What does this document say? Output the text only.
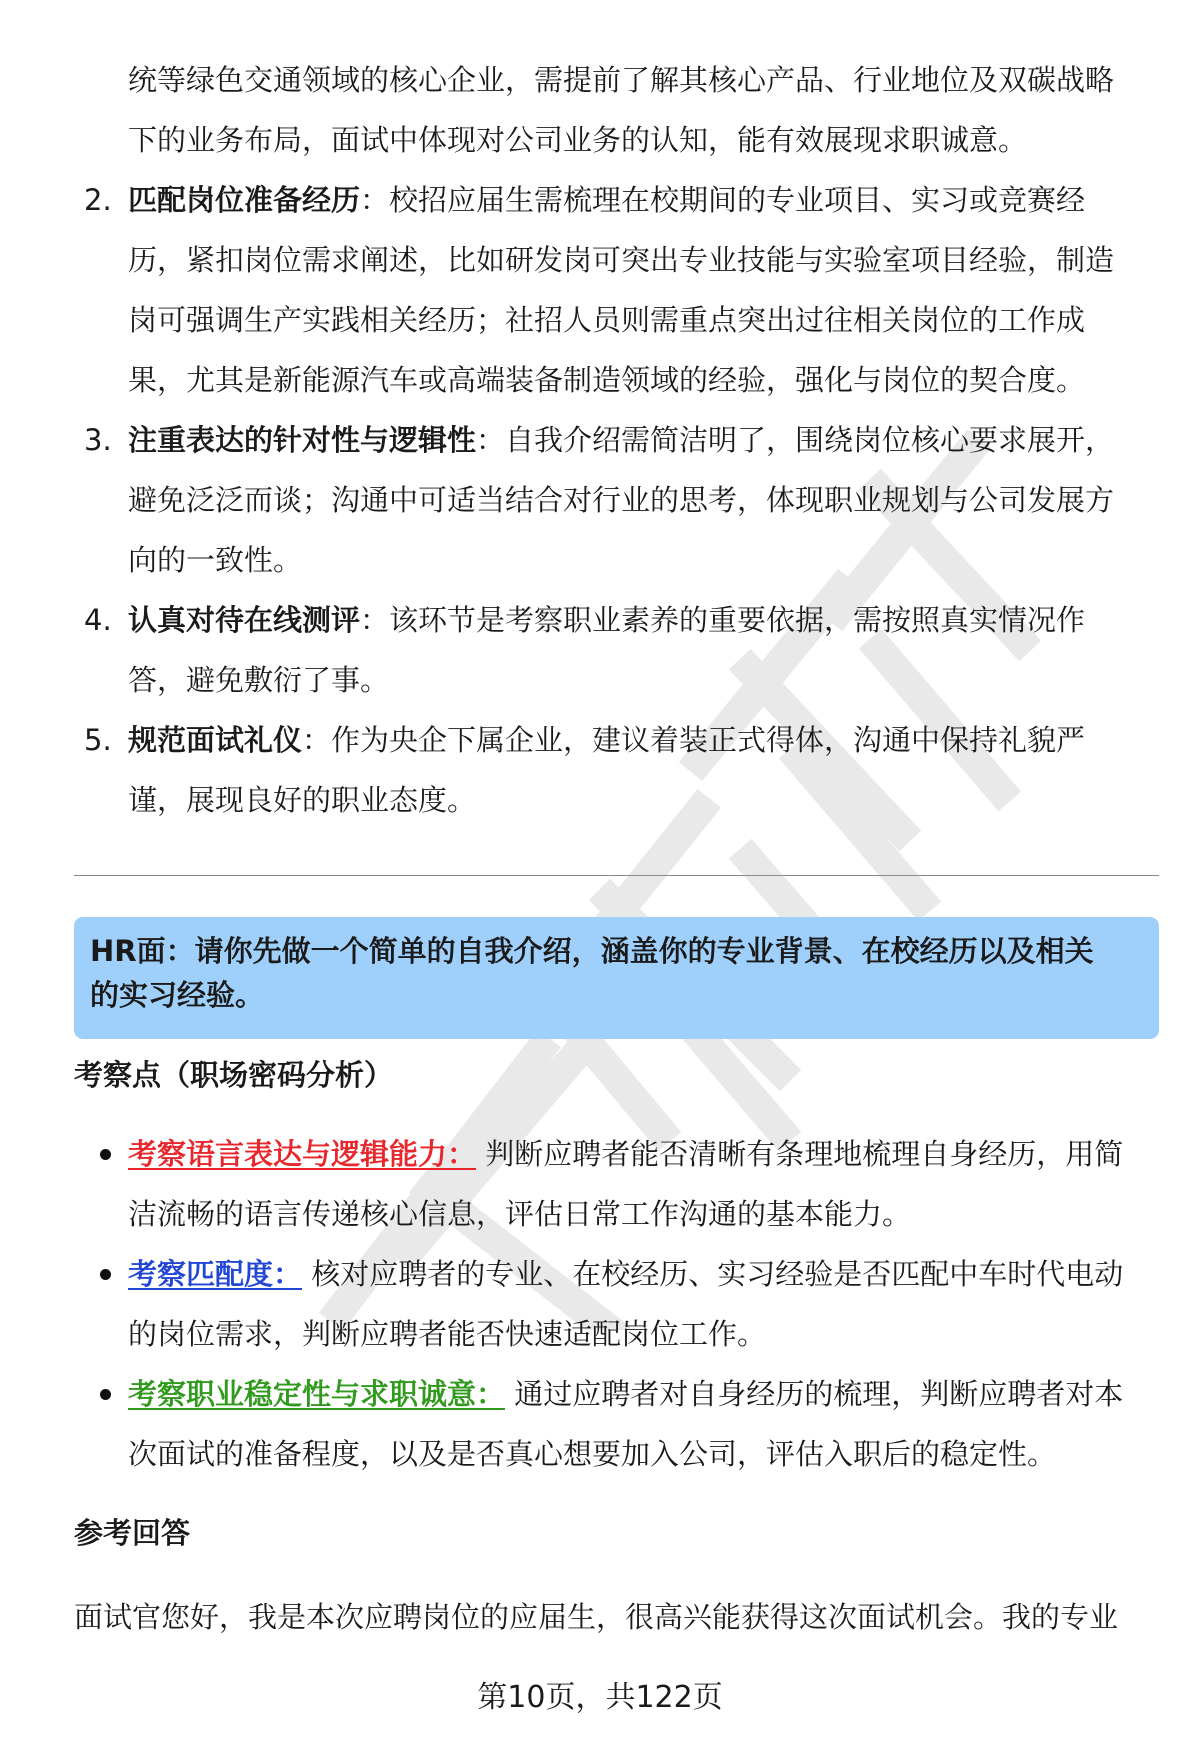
统等绿色交通领域的核心企业，需提前了解其核心产品、行业地位及双碳战略
下的业务布局，面试中体现对公司业务的认知，能有效展现求职诚意。
2. 匹配岗位准备经历：校招应届生需梳理在校期间的专业项目、实习或竞赛经
历，紧扣岗位需求阐述，比如研发岗可突出专业技能与实验室项目经验，制造
岗可强调生产实践相关经历；社招人员则需重点突出过往相关岗位的工作成
果，尤其是新能源汽车或高端装备制造领域的经验，强化与岗位的契合度。
3. 注重表达的针对性与逻辑性：自我介绍需简洁明了，围绕岗位核心要求展开，
避免泛泛而谈；沟通中可适当结合对行业的思考，体现职业规划与公司发展方
向的一致性。
4. 认真对待在线测评：该环节是考察职业素养的重要依据，需按照真实情况作
答，避免敷衍了事。
5. 规范面试礼仪：作为央企下属企业，建议着装正式得体，沟通中保持礼貌严
谨，展现良好的职业态度。
HR面：请你先做一个简单的自我介绍，涵盖你的专业背景、在校经历以及相关
的实习经验。
考察点（职场密码分析）
考察语言表达与逻辑能力： 判断应聘者能否清晰有条理地梳理自身经历，用简
洁流畅的语言传递核心信息，评估日常工作沟通的基本能力。
考察匹配度： 核对应聘者的专业、在校经历、实习经验是否匹配中车时代电动
的岗位需求，判断应聘者能否快速适配岗位工作。
考察职业稳定性与求职诚意： 通过应聘者对自身经历的梳理，判断应聘者对本
次面试的准备程度，以及是否真心想要加入公司，评估入职后的稳定性。
参考回答
面试官您好，我是本次应聘岗位的应届生，很高兴能获得这次面试机会。我的专业
第10页，共122页
